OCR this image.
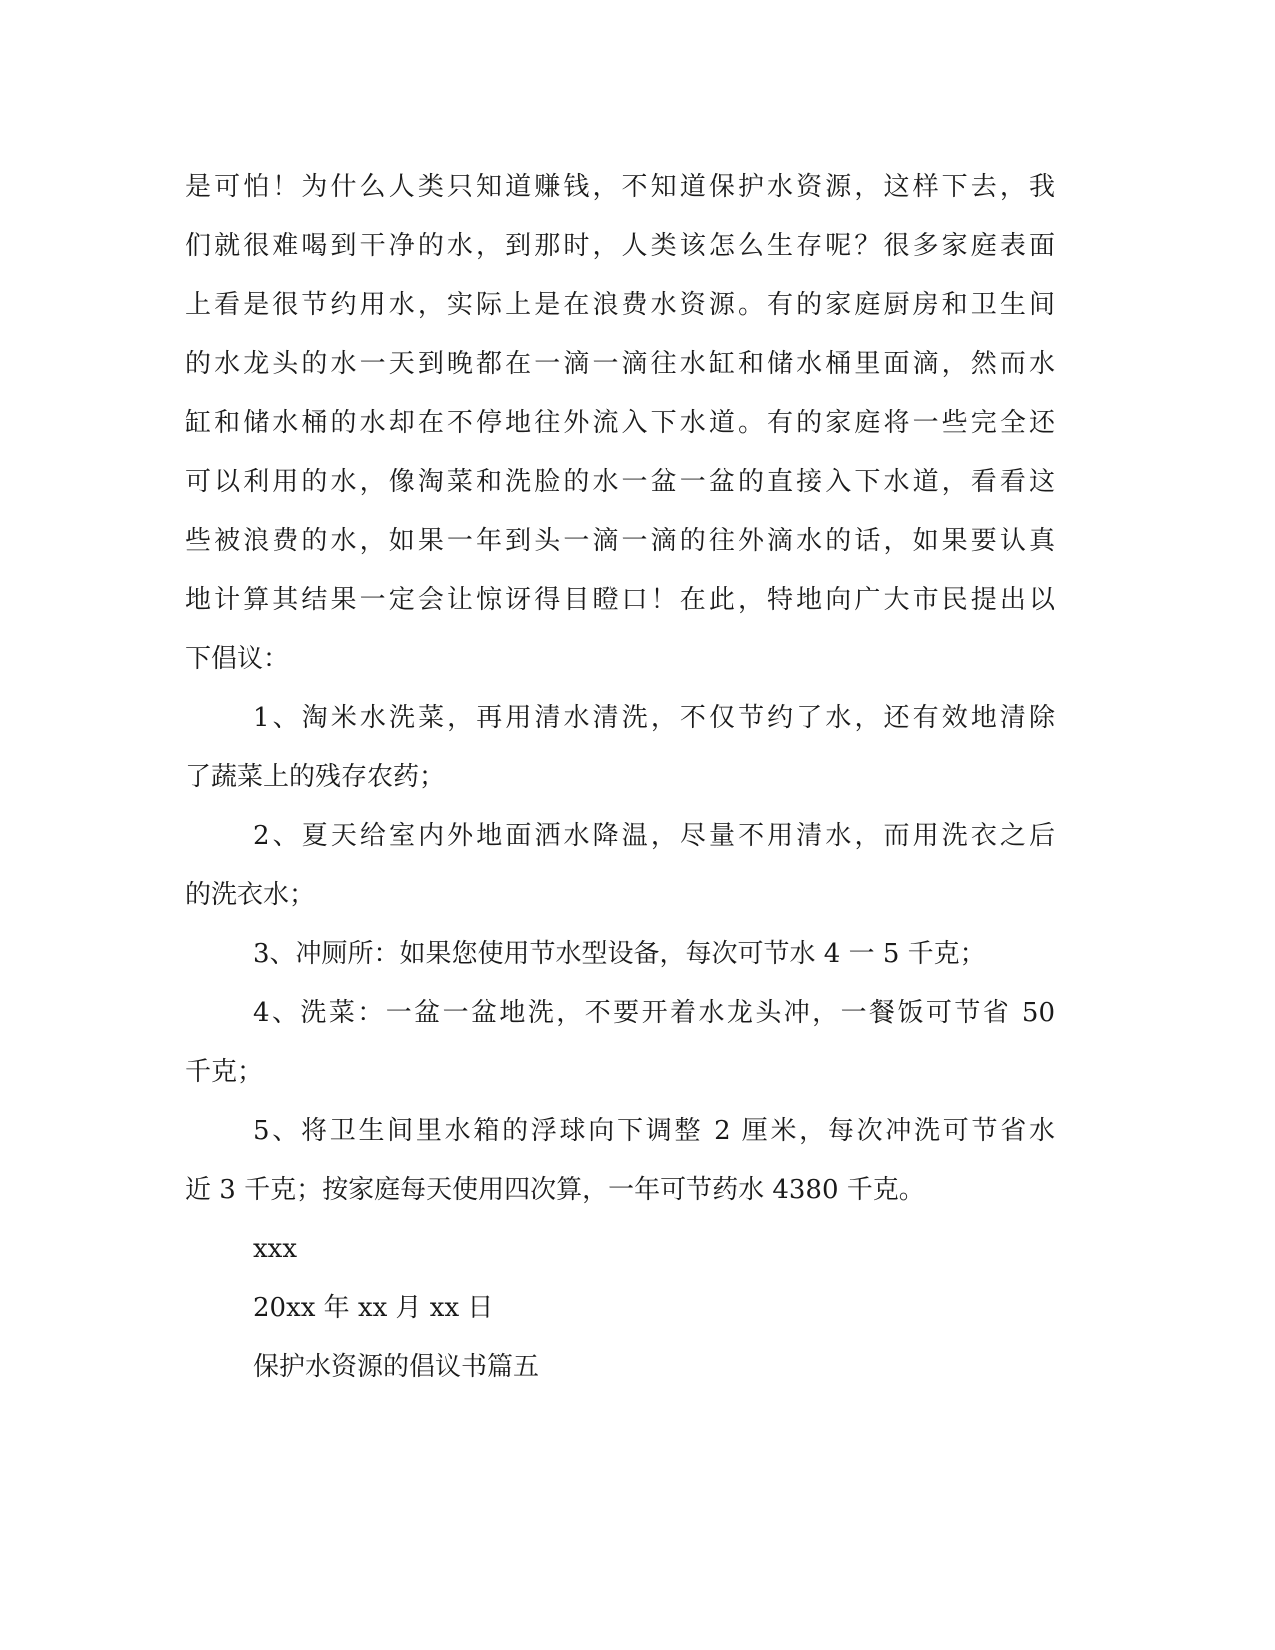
是可怕！为什么人类只知道赚钱，不知道保护水资源，这样下去，我
们就很难喝到干净的水，到那时，人类该怎么生存呢？很多家庭表面
上看是很节约用水，实际上是在浪费水资源。有的家庭厨房和卫生间
的水龙头的水一天到晚都在一滴一滴往水缸和储水桶里面滴，然而水
缸和储水桶的水却在不停地往外流入下水道。有的家庭将一些完全还
可以利用的水，像淘菜和洗脸的水一盆一盆的直接入下水道，看看这
些被浪费的水，如果一年到头一滴一滴的往外滴水的话，如果要认真
地计算其结果一定会让惊讶得目瞪口！在此，特地向广大市民提出以
下倡议：
1、淘米水洗菜，再用清水清洗，不仅节约了水，还有效地清除
了蔬菜上的残存农药；
2、夏天给室内外地面洒水降温，尽量不用清水，而用洗衣之后
的洗衣水；
3、冲厕所：如果您使用节水型设备，每次可节水 4 一 5 千克；
4、洗菜：一盆一盆地洗，不要开着水龙头冲，一餐饭可节省 50
千克；
5、将卫生间里水箱的浮球向下调整 2 厘米，每次冲洗可节省水
近 3 千克；按家庭每天使用四次算，一年可节药水 4380 千克。
xxx
20xx 年 xx 月 xx 日
保护水资源的倡议书篇五
